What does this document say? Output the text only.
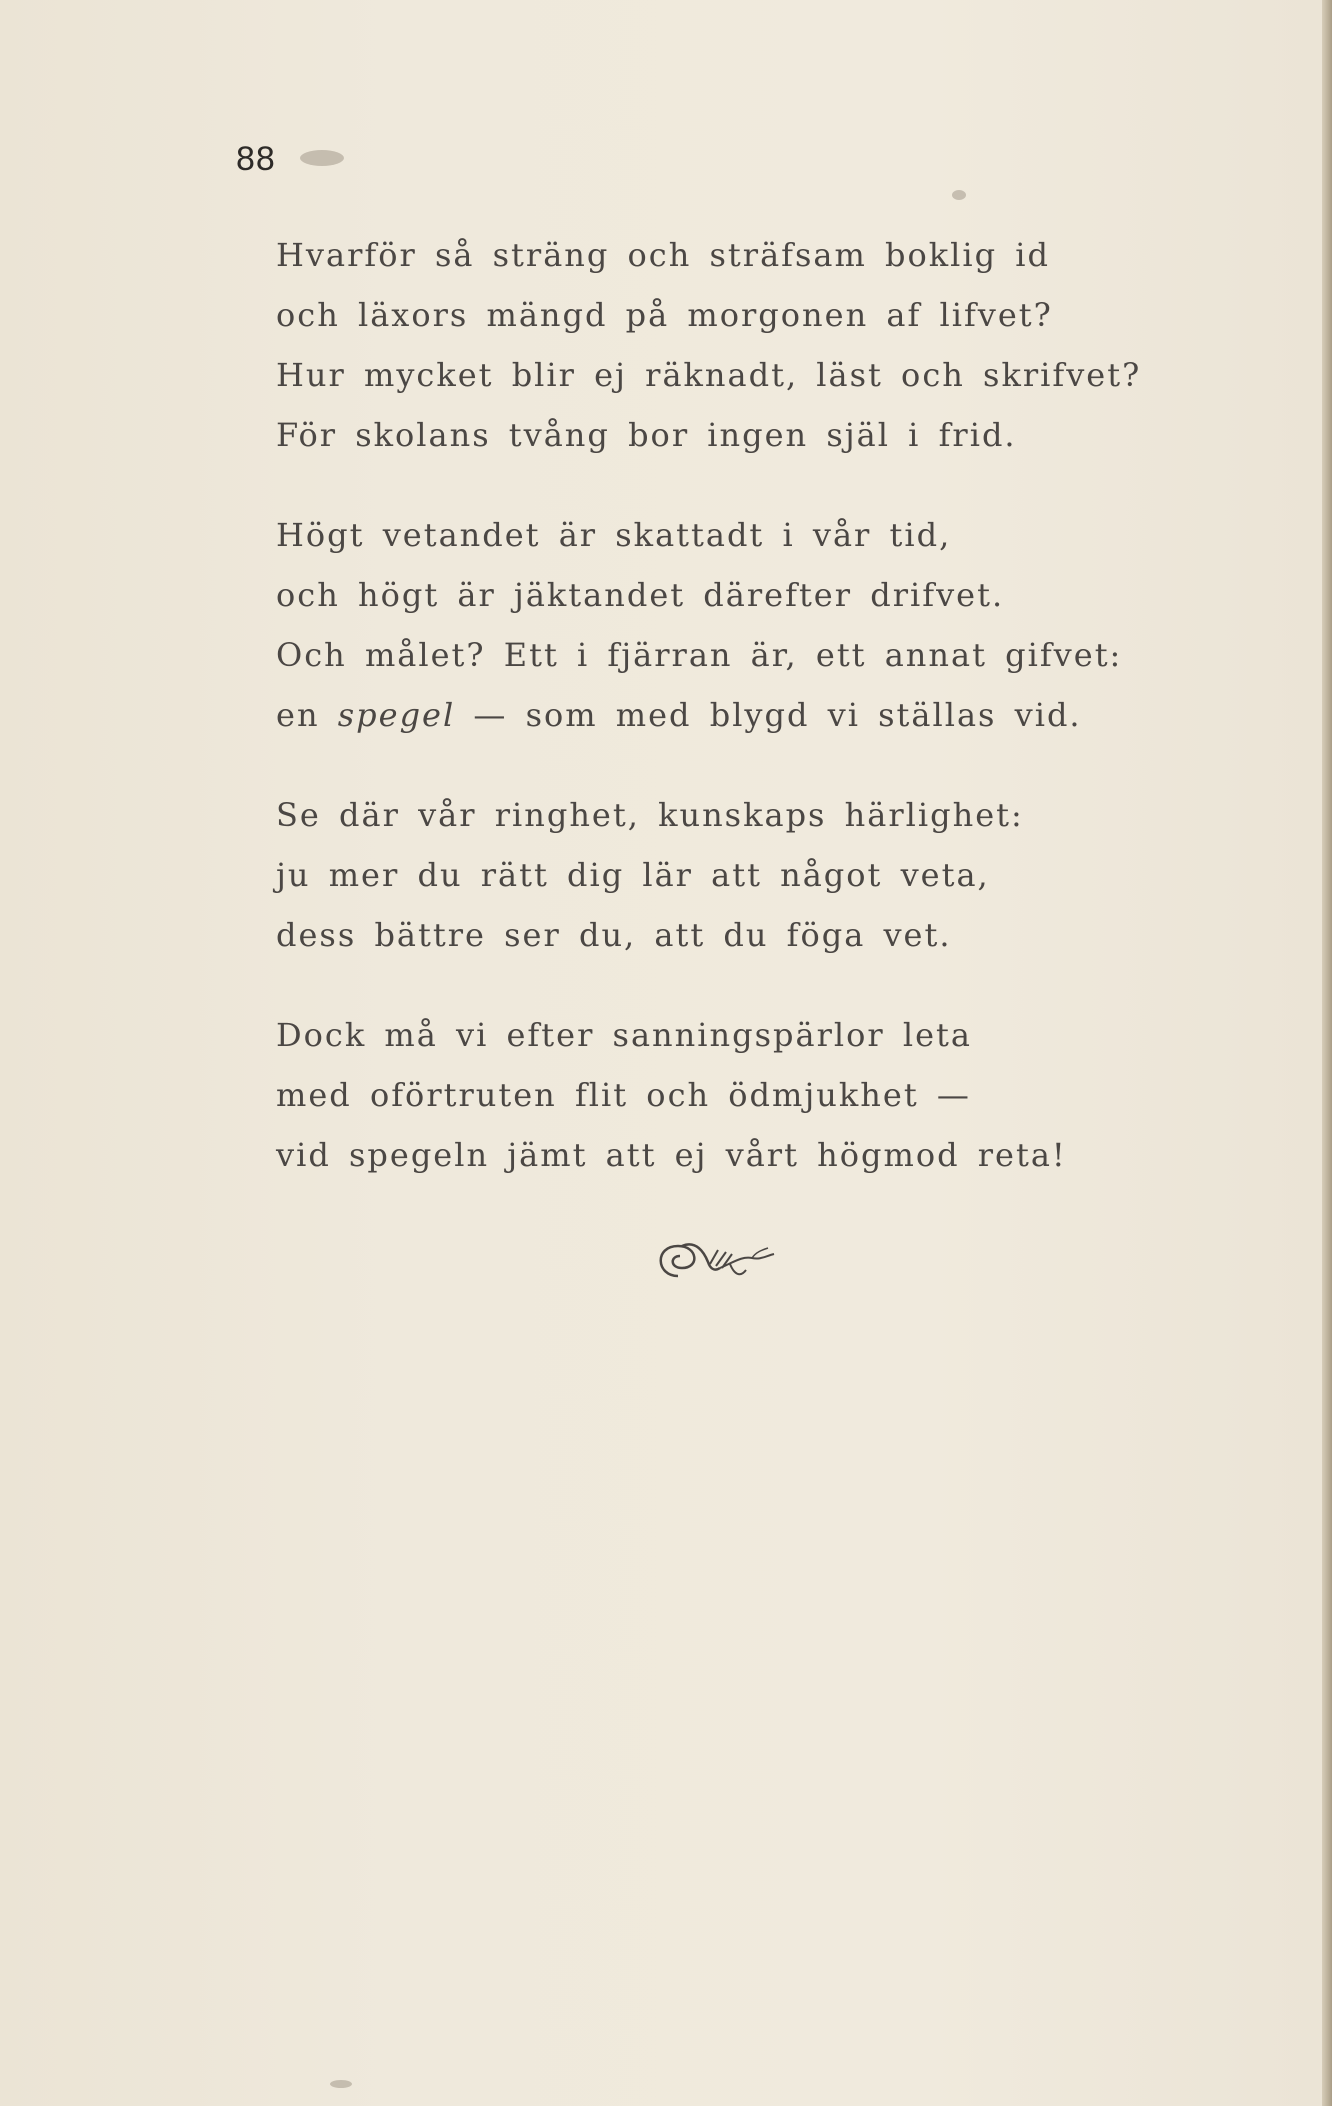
88
Hvarför så sträng och sträfsam boklig id
och läxors mängd på morgonen af lifvet?
Hur mycket blir ej räknadt, läst och skrifvet?
För skolans tvång bor ingen själ i frid.
Högt vetandet är skattadt i vår tid,
och högt är jäktandet därefter drifvet.
Och målet? Ett i fjärran är, ett annat gifvet:
en spegel — som med blygd vi ställas vid.
Se där vår ringhet, kunskaps härlighet:
ju mer du rätt dig lär att något veta,
dess bättre ser du, att du föga vet.
Dock må vi efter sanningspärlor leta
med oförtruten flit och ödmjukhet —
vid spegeln jämt att ej vårt högmod reta!
